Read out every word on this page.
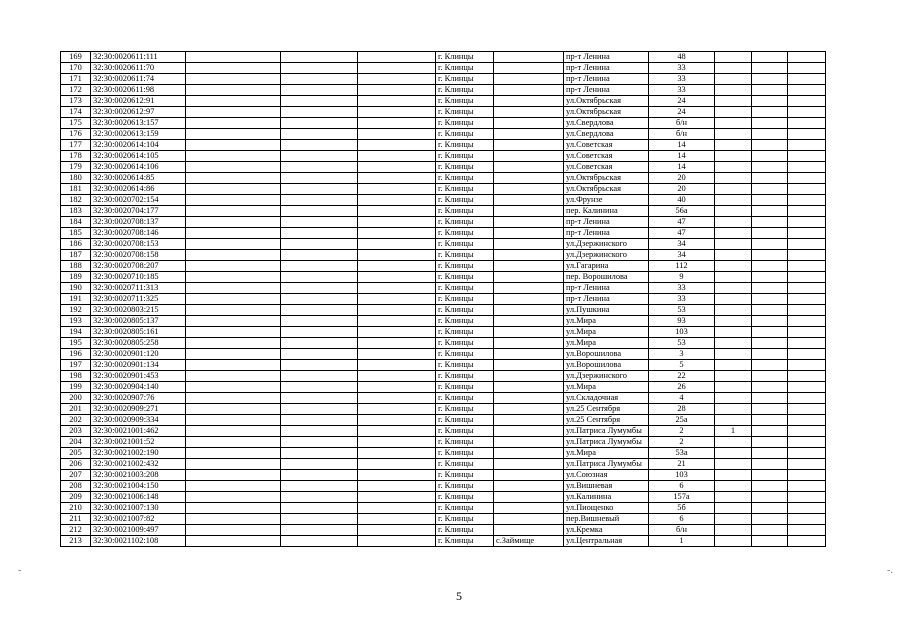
169	32:30:0020611:111				г. Клинцы		пр-т Ленина	48			
170	32:30:0020611:70				г. Клинцы		пр-т Ленина	33			
171	32:30:0020611:74				г. Клинцы		пр-т Ленина	33			
172	32:30:0020611:98				г. Клинцы		пр-т Ленина	33			
173	32:30:0020612:91				г. Клинцы		ул.Октябрьская	24			
174	32:30:0020612:97				г. Клинцы		ул.Октябрьская	24			
175	32:30:0020613:157				г. Клинцы		ул.Свердлова	б/н			
176	32:30:0020613:159				г. Клинцы		ул.Свердлова	б/н			
177	32:30:0020614:104				г. Клинцы		ул.Советская	14			
178	32:30:0020614:105				г. Клинцы		ул.Советская	14			
179	32:30:0020614:106				г. Клинцы		ул.Советская	14			
180	32:30:0020614:85				г. Клинцы		ул.Октябрьская	20			
181	32:30:0020614:86				г. Клинцы		ул.Октябрьская	20			
182	32:30:0020702:154				г. Клинцы		ул.Фрунзе	40			
183	32:30:0020704:177				г. Клинцы		пер. Калинина	56а			
184	32:30:0020708:137				г. Клинцы		пр-т Ленина	47			
185	32:30:0020708:146				г. Клинцы		пр-т Ленина	47			
186	32:30:0020708:153				г. Клинцы		ул.Дзержинского	34			
187	32:30:0020708:158				г. Клинцы		ул.Дзержинского	34			
188	32:30:0020708:207				г. Клинцы		ул.Гагарина	112			
189	32:30:0020710:185				г. Клинцы		пер. Ворошилова	9			
190	32:30:0020711:313				г. Клинцы		пр-т Ленина	33			
191	32:30:0020711:325				г. Клинцы		пр-т Ленина	33			
192	32:30:0020803:215				г. Клинцы		ул.Пушкина	53			
193	32:30:0020805:137				г. Клинцы		ул.Мира	93			
194	32:30:0020805:161				г. Клинцы		ул.Мира	103			
195	32:30:0020805:258				г. Клинцы		ул.Мира	53			
196	32:30:0020901:120				г. Клинцы		ул.Ворошилова	3			
197	32:30:0020901:134				г. Клинцы		ул.Ворошилова	5			
198	32:30:0020901:453				г. Клинцы		ул.Дзержинского	22			
199	32:30:0020904:140				г. Клинцы		ул.Мира	26			
200	32:30:0020907:76				г. Клинцы		ул.Складочная	4			
201	32:30:0020909:271				г. Клинцы		ул.25 Сентября	28			
202	32:30:0020909:334				г. Клинцы		ул.25 Сентября	25а			
203	32:30:0021001:462				г. Клинцы		ул.Патриса Лумумбы	2	1		
204	32:30:0021001:52				г. Клинцы		ул.Патриса Лумумбы	2			
205	32:30:0021002:190				г. Клинцы		ул.Мира	53а			
206	32:30:0021002:432				г. Клинцы		ул.Патриса Лумумбы	21			
207	32:30:0021003:208				г. Клинцы		ул.Союзная	103			
208	32:30:0021004:150				г. Клинцы		ул.Вишневая	6			
209	32:30:0021006:148				г. Клинцы		ул.Калинина	157а			
210	32:30:0021007:130				г. Клинцы		ул.Пиощенко	5б			
211	32:30:0021007:82				г. Клинцы		пер.Вишневый	6			
212	32:30:0021009:497				г. Клинцы		ул.Кремка	б/н			
213	32:30:0021102:108				г. Клинцы	с.Займище	ул.Центральная	1			
5
-	-.
